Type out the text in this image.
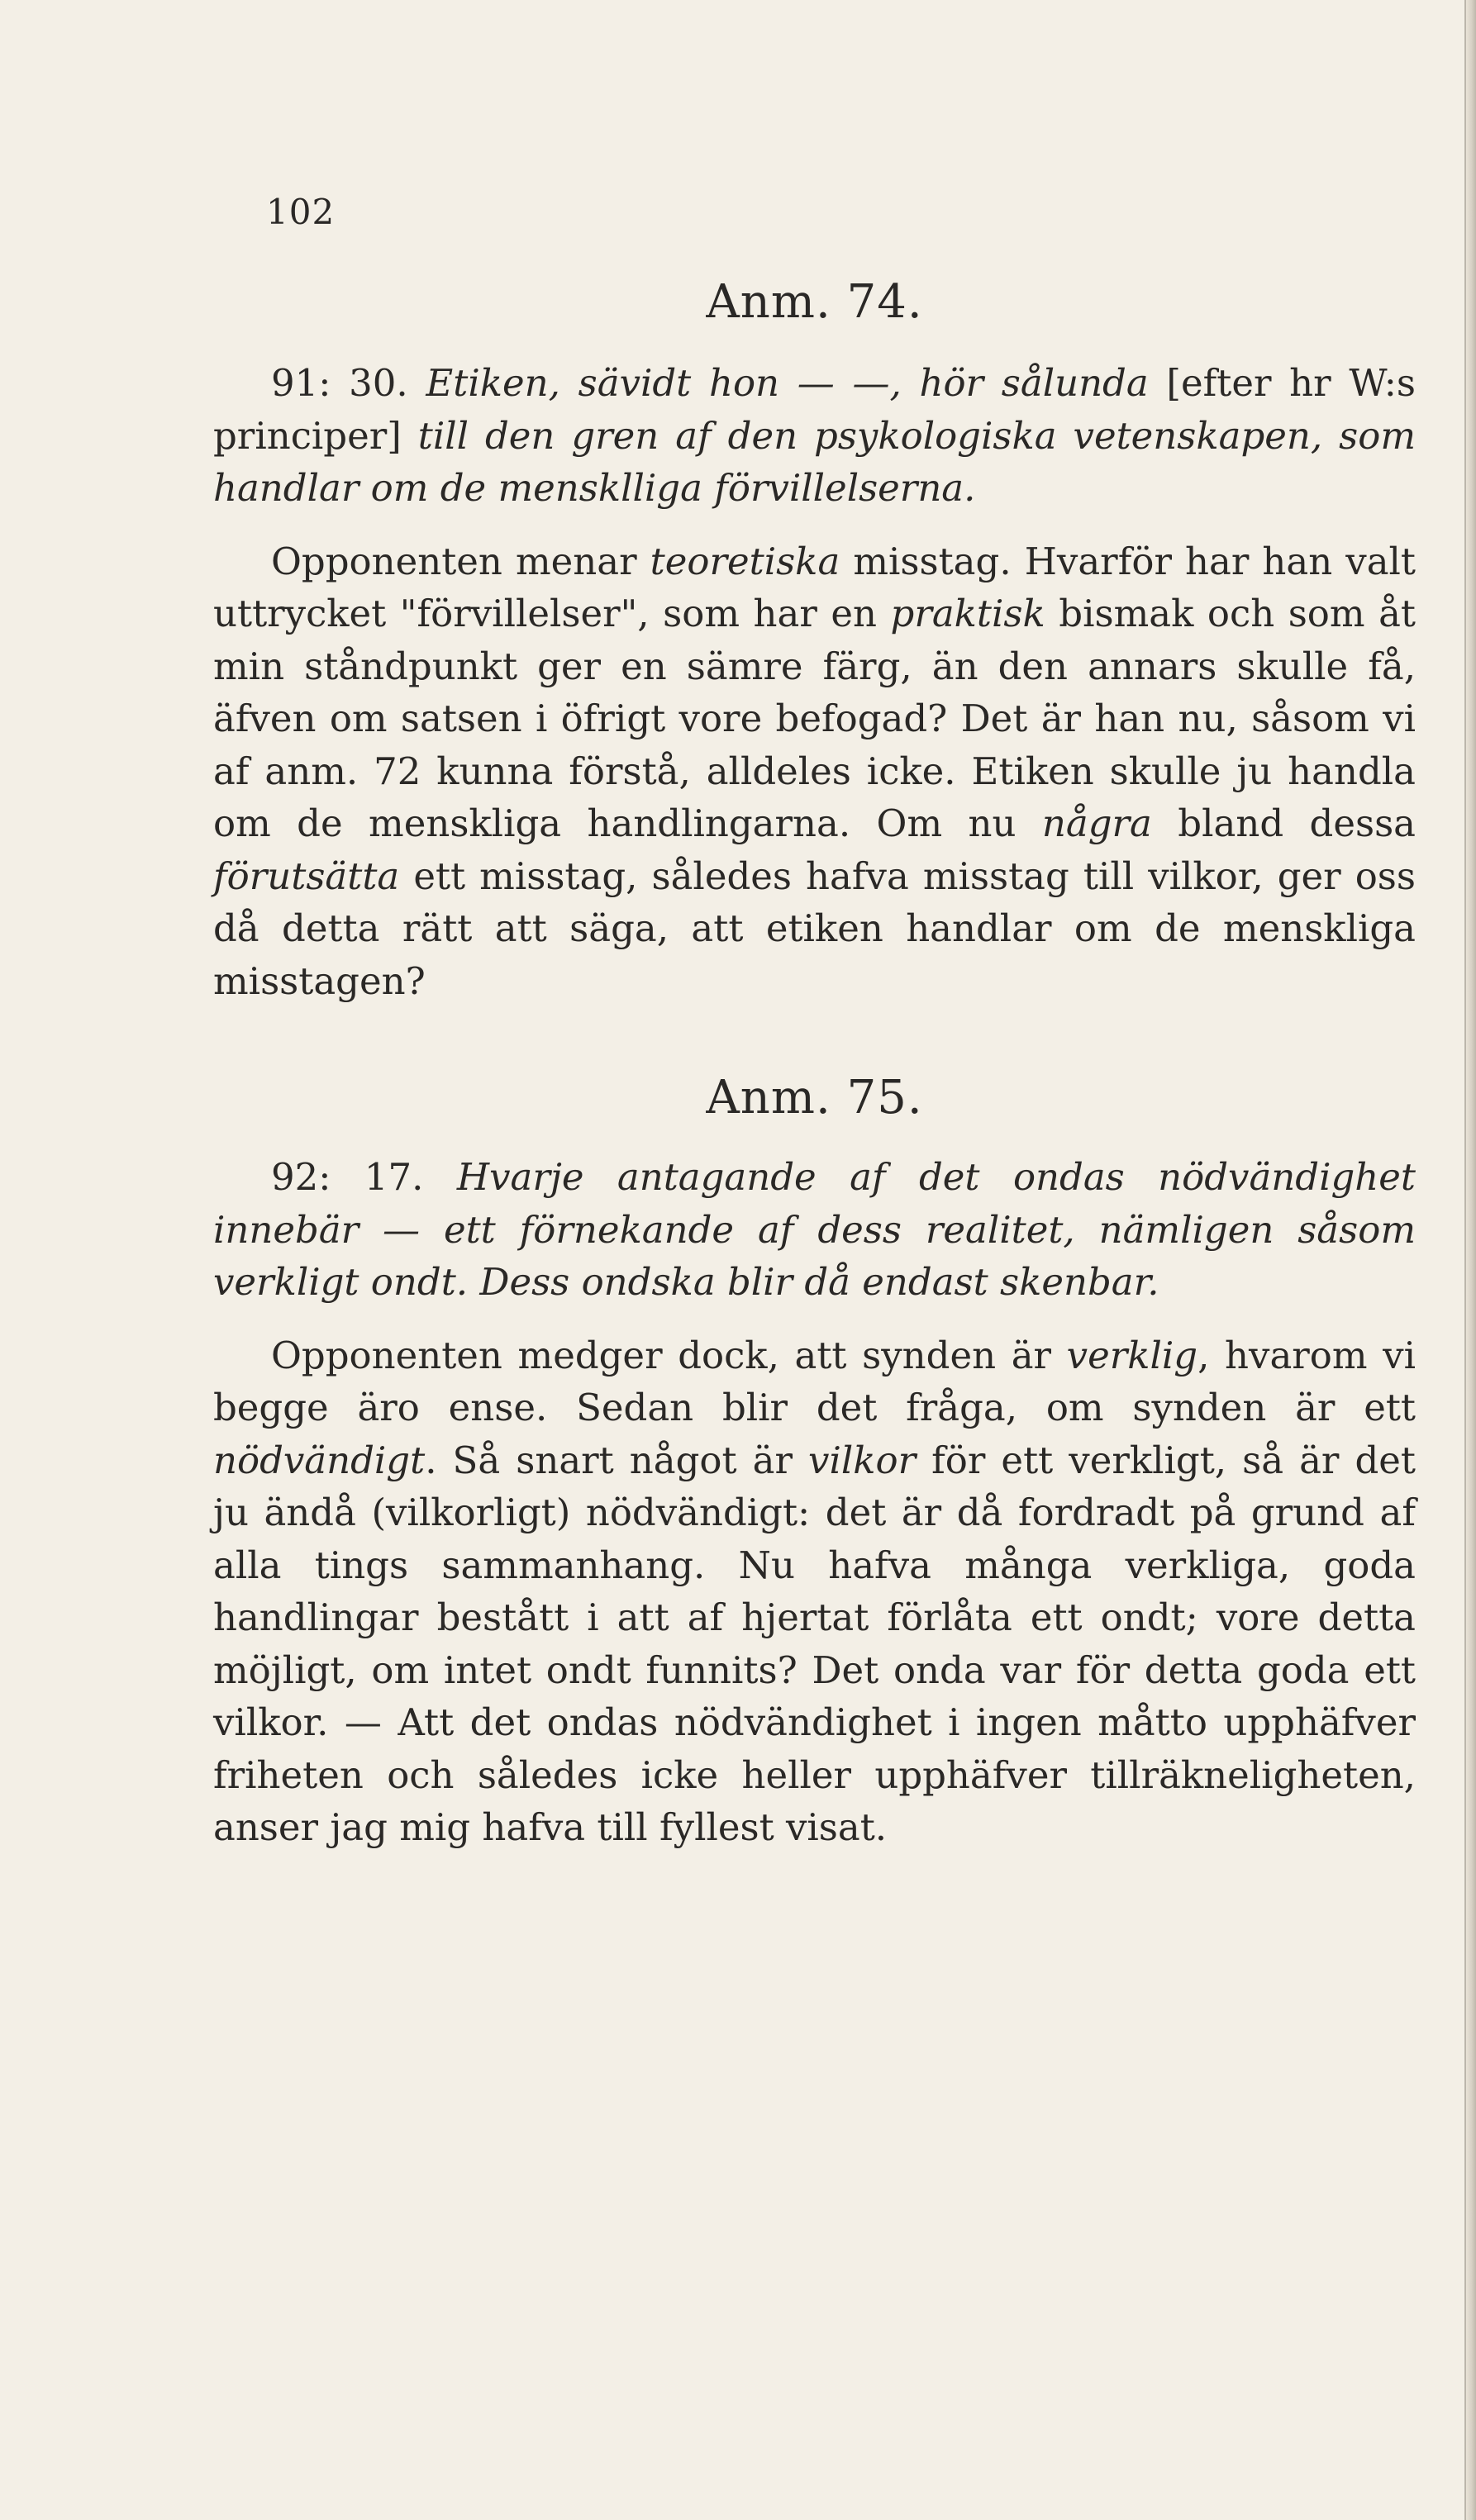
102
Anm. 74.

91: 30. Etiken, sävidt hon — —, hör sålunda [efter hr W:s principer] till den gren af den psykologiska vetenskapen, som handlar om de mensklliga förvillelserna.

Opponenten menar teoretiska misstag. Hvarför har han valt uttrycket "förvillelser", som har en praktisk bismak och som åt min ståndpunkt ger en sämre färg, än den annars skulle få, äfven om satsen i öfrigt vore befogad? Det är han nu, såsom vi af anm. 72 kunna förstå, alldeles icke. Etiken skulle ju handla om de menskliga handlingarna. Om nu några bland dessa förutsätta ett misstag, således hafva misstag till vilkor, ger oss då detta rätt att säga, att etiken handlar om de menskliga misstagen?

Anm. 75.

92: 17. Hvarje antagande af det ondas nödvändighet innebär — ett förnekande af dess realitet, nämligen såsom verkligt ondt. Dess ondska blir då endast skenbar.

Opponenten medger dock, att synden är verklig, hvarom vi begge äro ense. Sedan blir det fråga, om synden är ett nödvändigt. Så snart något är vilkor för ett verkligt, så är det ju ändå (vilkorligt) nödvändigt: det är då fordradt på grund af alla tings sammanhang. Nu hafva många verkliga, goda handlingar bestått i att af hjertat förlåta ett ondt; vore detta möjligt, om intet ondt funnits? Det onda var för detta goda ett vilkor. — Att det ondas nödvändighet i ingen måtto upphäfver friheten och således icke heller upphäfver tillräkneligheten, anser jag mig hafva till fyllest visat.
